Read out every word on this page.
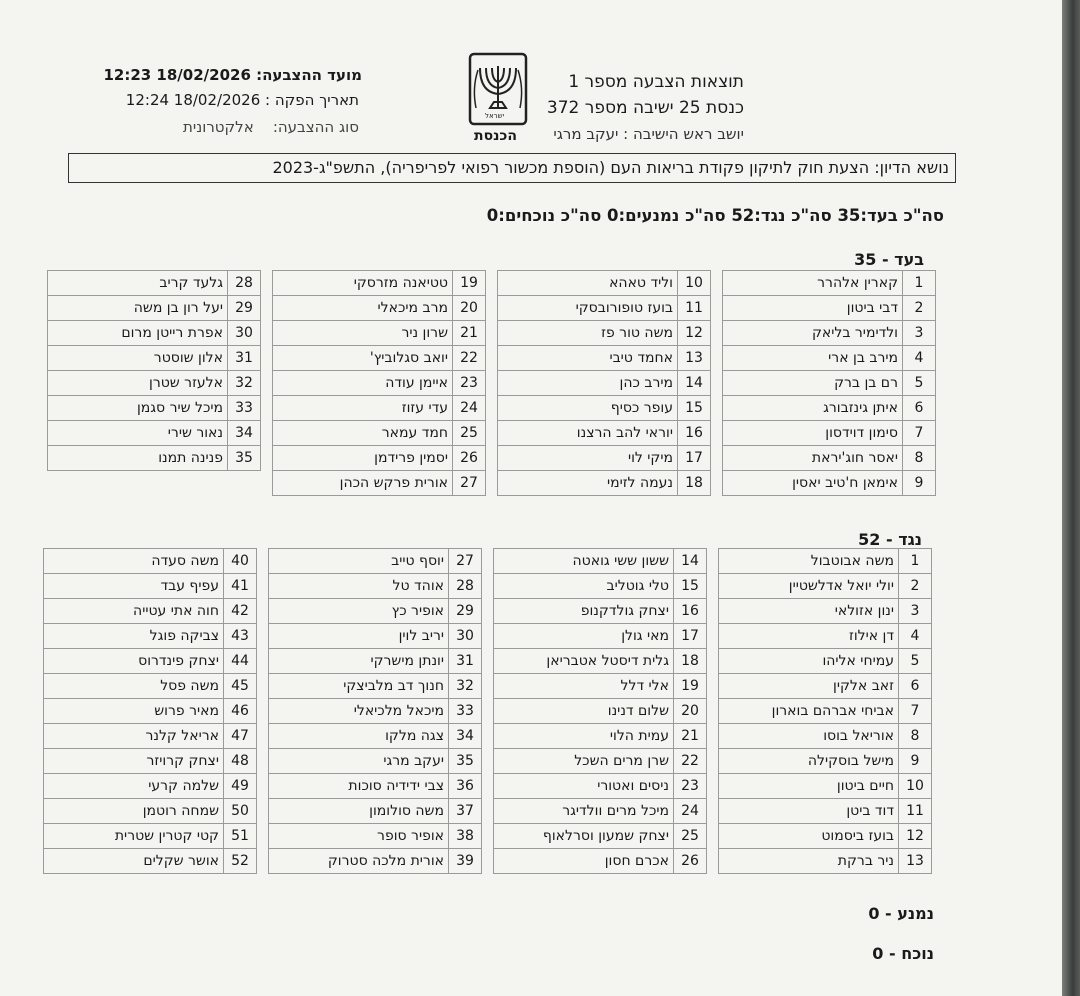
תוצאות הצבעה מספר 1
כנסת 25 ישיבה מספר 372
יושב ראש הישיבה : יעקב מרגי
ישראל
הכנסת
מועד ההצבעה: 12:23 18/02/2026
תאריך הפקה : 12:24 18/02/2026
סוג ההצבעה:    אלקטרונית
נושא הדיון: הצעת חוק לתיקון פקודת בריאות העם (הוספת מכשור רפואי לפריפריה), התשפ"ג-2023
סה"כ בעד:35 סה"כ נגד:52 סה"כ נמנעים:0 סה"כ נוכחים:0
בעד - 35
1	קארין אלהרר		10	וליד טאהא		19	טטיאנה מזרסקי		28	גלעד קריב
2	דבי ביטון		11	בועז טופורובסקי		20	מרב מיכאלי		29	יעל רון בן משה
3	ולדימיר בליאק		12	משה טור פז		21	שרון ניר		30	אפרת רייטן מרום
4	מירב בן ארי		13	אחמד טיבי		22	יואב סגלוביץ'		31	אלון שוסטר
5	רם בן ברק		14	מירב כהן		23	איימן עודה		32	אלעזר שטרן
6	איתן גינזבורג		15	עופר כסיף		24	עדי עזוז		33	מיכל שיר סגמן
7	סימון דוידסון		16	יוראי להב הרצנו		25	חמד עמאר		34	נאור שירי
8	יאסר חוג'יראת		17	מיקי לוי		26	יסמין פרידמן		35	פנינה תמנו
9	אימאן ח'טיב יאסין		18	נעמה לזימי		27	אורית פרקש הכהן			
נגד - 52
1	משה אבוטבול		14	ששון ששי גואטה		27	יוסף טייב		40	משה סעדה
2	יולי יואל אדלשטיין		15	טלי גוטליב		28	אוהד טל		41	עפיף עבד
3	ינון אזולאי		16	יצחק גולדקנופ		29	אופיר כץ		42	חוה אתי עטייה
4	דן אילוז		17	מאי גולן		30	יריב לוין		43	צביקה פוגל
5	עמיחי אליהו		18	גלית דיסטל אטבריאן		31	יונתן מישרקי		44	יצחק פינדרוס
6	זאב אלקין		19	אלי דלל		32	חנוך דב מלביצקי		45	משה פסל
7	אביחי אברהם בוארון		20	שלום דנינו		33	מיכאל מלכיאלי		46	מאיר פרוש
8	אוריאל בוסו		21	עמית הלוי		34	צגה מלקו		47	אריאל קלנר
9	מישל בוסקילה		22	שרן מרים השכל		35	יעקב מרגי		48	יצחק קרויזר
10	חיים ביטון		23	ניסים ואטורי		36	צבי ידידיה סוכות		49	שלמה קרעי
11	דוד ביטן		24	מיכל מרים וולדיגר		37	משה סולומון		50	שמחה רוטמן
12	בועז ביסמוט		25	יצחק שמעון וסרלאוף		38	אופיר סופר		51	קטי קטרין שטרית
13	ניר ברקת		26	אכרם חסון		39	אורית מלכה סטרוק		52	אושר שקלים
נמנע - 0
נוכח - 0
